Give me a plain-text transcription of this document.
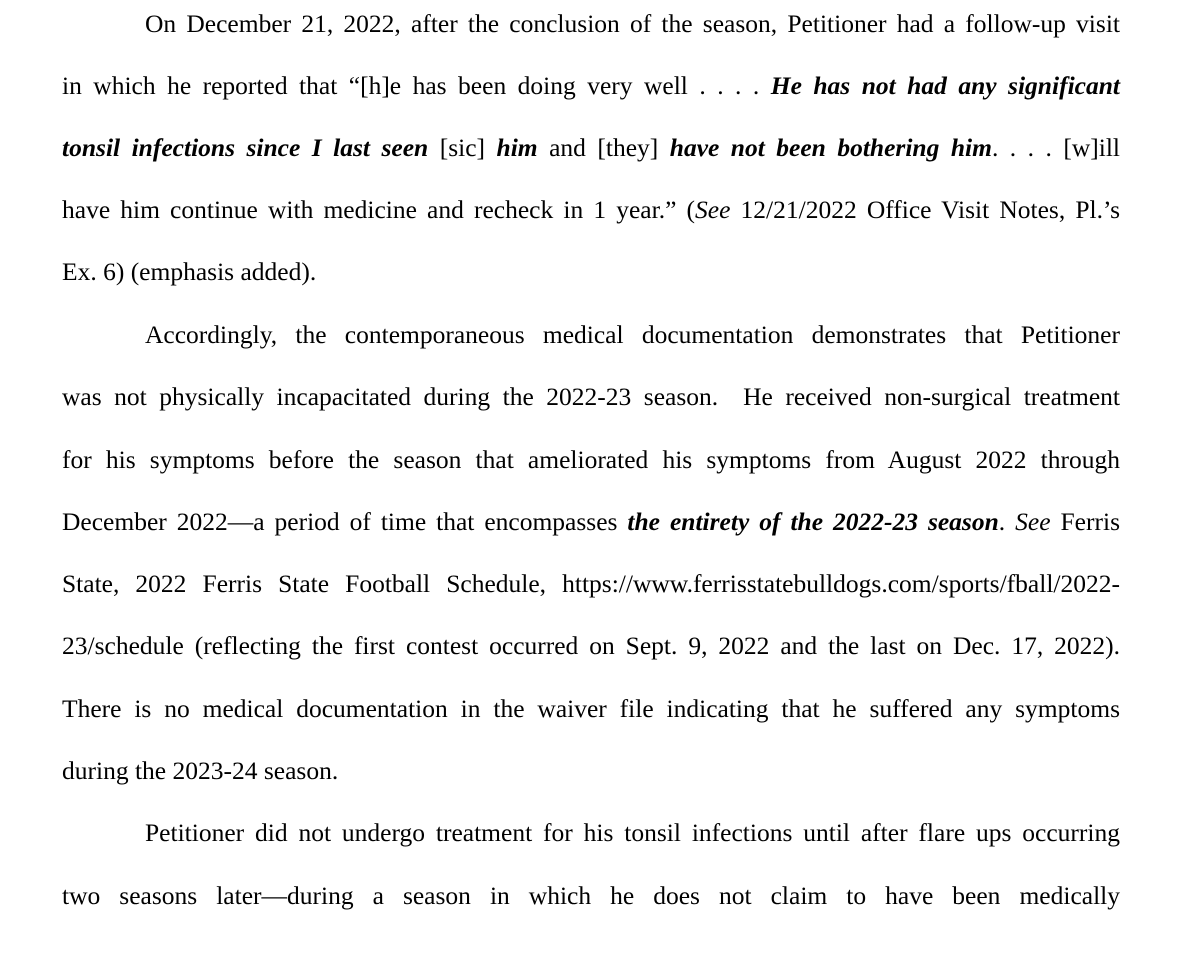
On December 21, 2022, after the conclusion of the season, Petitioner had a follow-up visit
in which he reported that “[h]e has been doing very well . . . . He has not had any significant
tonsil infections since I last seen [sic] him and [they] have not been bothering him. . . . [w]ill
have him continue with medicine and recheck in 1 year.” (See 12/21/2022 Office Visit Notes, Pl.’s
Ex. 6) (emphasis added).
Accordingly, the contemporaneous medical documentation demonstrates that Petitioner
was not physically incapacitated during the 2022-23 season.  He received non-surgical treatment
for his symptoms before the season that ameliorated his symptoms from August 2022 through
December 2022—a period of time that encompasses the entirety of the 2022-23 season. See Ferris
State, 2022 Ferris State Football Schedule, https://www.ferrisstatebulldogs.com/sports/fball/2022-
23/schedule (reflecting the first contest occurred on Sept. 9, 2022 and the last on Dec. 17, 2022).
There is no medical documentation in the waiver file indicating that he suffered any symptoms
during the 2023-24 season.
Petitioner did not undergo treatment for his tonsil infections until after flare ups occurring
two seasons later—during a season in which he does not claim to have been medically
